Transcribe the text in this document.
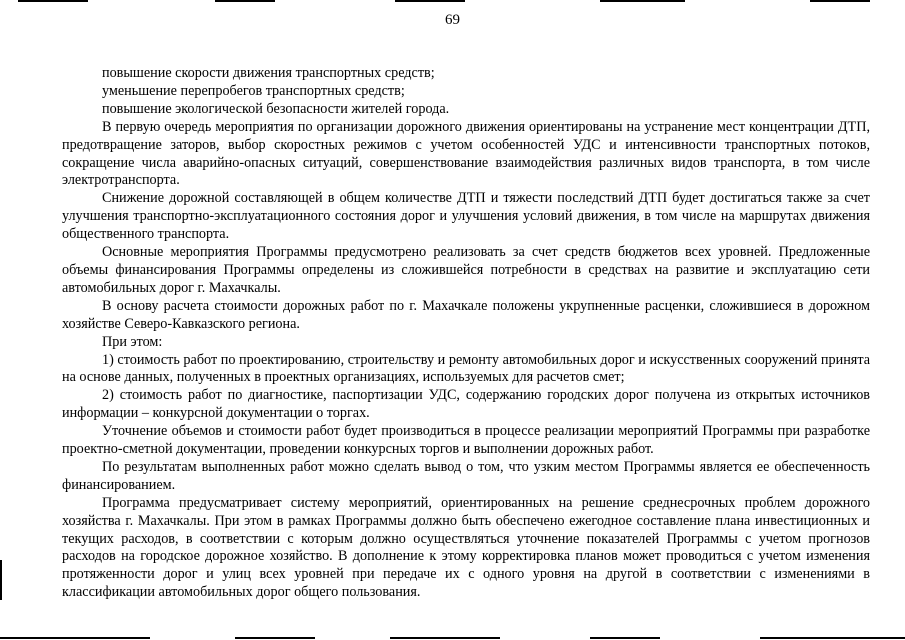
69

повышение скорости движения транспортных средств;

уменьшение перепробегов транспортных средств;

повышение экологической безопасности жителей города.

В первую очередь мероприятия по организации дорожного движения ориентированы на устранение мест концентрации ДТП, предотвращение заторов, выбор скоростных режимов с учетом особенностей УДС и интенсивности транспортных потоков, сокращение числа аварийно-опасных ситуаций, совершенствование взаимодействия различных видов транспорта, в том числе электротранспорта.

Снижение дорожной составляющей в общем количестве ДТП и тяжести последствий ДТП будет достигаться также за счет улучшения транспортно-эксплуатационного состояния дорог и улучшения условий движения, в том числе на маршрутах движения общественного транспорта.

Основные мероприятия Программы предусмотрено реализовать за счет средств бюджетов всех уровней. Предложенные объемы финансирования Программы определены из сложившейся потребности в средствах на развитие и эксплуатацию сети автомобильных дорог г. Махачкалы.

В основу расчета стоимости дорожных работ по г. Махачкале положены укрупненные расценки, сложившиеся в дорожном хозяйстве Северо-Кавказского региона.

При этом:

1) стоимость работ по проектированию, строительству и ремонту автомобильных дорог и искусственных сооружений принята на основе данных, полученных в проектных организациях, используемых для расчетов смет;

2) стоимость работ по диагностике, паспортизации УДС, содержанию городских дорог получена из открытых источников информации – конкурсной документации о торгах.

Уточнение объемов и стоимости работ будет производиться в процессе реализации мероприятий Программы при разработке проектно-сметной документации, проведении конкурсных торгов и выполнении дорожных работ.

По результатам выполненных работ можно сделать вывод о том, что узким местом Программы является ее обеспеченность финансированием.

Программа предусматривает систему мероприятий, ориентированных на решение среднесрочных проблем дорожного хозяйства г. Махачкалы. При этом в рамках Программы должно быть обеспечено ежегодное составление плана инвестиционных и текущих расходов, в соответствии с которым должно осуществляться уточнение показателей Программы с учетом прогнозов расходов на городское дорожное хозяйство. В дополнение к этому корректировка планов может проводиться с учетом изменения протяженности дорог и улиц всех уровней при передаче их с одного уровня на другой в соответствии с изменениями в классификации автомобильных дорог общего пользования.
